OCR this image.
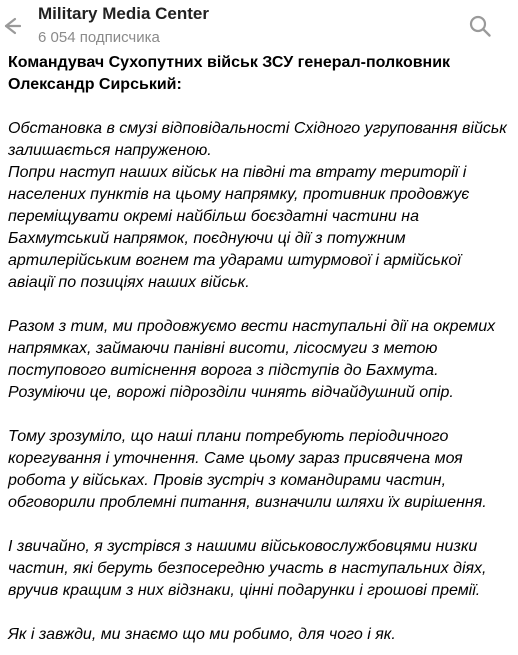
Military Media Center
6 054 подписчика

Командувач Сухопутних військ ЗСУ генерал-полковник
Олександр Сирський:

Обстановка в смузі відповідальності Східного угруповання військ
залишається напруженою.
Попри наступ наших військ на півдні та втрату території і
населених пунктів на цьому напрямку, противник продовжує
переміщувати окремі найбільш боєздатні частини на
Бахмутський напрямок, поєднуючи ці дії з потужним
артилерійським вогнем та ударами штурмової і армійської
авіації по позиціях наших військ.

Разом з тим, ми продовжуємо вести наступальні дії на окремих
напрямках, займаючи панівні висоти, лісосмуги з метою
поступового витіснення ворога з підступів до Бахмута.
Розуміючи це, ворожі підрозділи чинять відчайдушний опір.

Тому зрозуміло, що наші плани потребують періодичного
корегування і уточнення. Саме цьому зараз присвячена моя
робота у військах. Провів зустріч з командирами частин,
обговорили проблемні питання, визначили шляхи їх вирішення.

І звичайно, я зустрівся з нашими військовослужбовцями низки
частин, які беруть безпосередню участь в наступальних діях,
вручив кращим з них відзнаки, цінні подарунки і грошові премії.

Як і завжди, ми знаємо що ми робимо, для чого і як.
